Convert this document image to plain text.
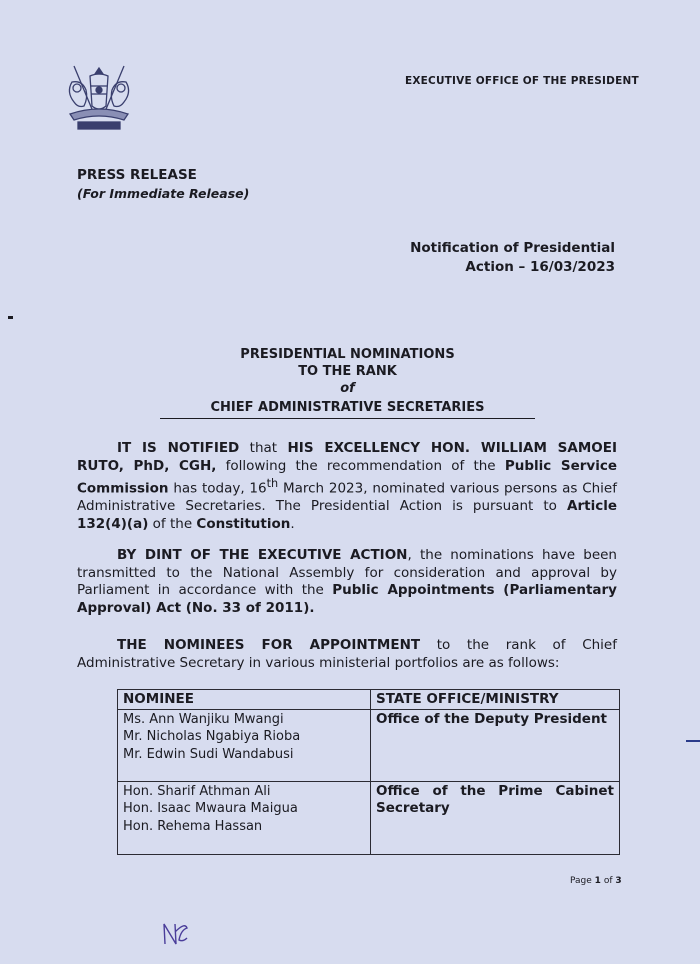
EXECUTIVE OFFICE OF THE PRESIDENT
PRESS RELEASE
(For Immediate Release)
Notification of Presidential
Action – 16/03/2023
PRESIDENTIAL NOMINATIONS
TO THE RANK
of
CHIEF ADMINISTRATIVE SECRETARIES
IT IS NOTIFIED that HIS EXCELLENCY HON. WILLIAM SAMOEI RUTO, PhD, CGH, following the recommendation of the Public Service Commission has today, 16th March 2023, nominated various persons as Chief Administrative Secretaries. The Presidential Action is pursuant to Article 132(4)(a) of the Constitution.
BY DINT OF THE EXECUTIVE ACTION, the nominations have been transmitted to the National Assembly for consideration and approval by Parliament in accordance with the Public Appointments (Parliamentary Approval) Act (No. 33 of 2011).
THE NOMINEES FOR APPOINTMENT to the rank of Chief Administrative Secretary in various ministerial portfolios are as follows:
NOMINEE	STATE OFFICE/MINISTRY

Ms. Ann Wanjiku Mwangi
Mr. Nicholas Ngabiya Rioba
Mr. Edwin Sudi Wandabusi	Office of the Deputy President

Hon. Sharif Athman Ali
Hon. Isaac Mwaura Maigua
Hon. Rehema Hassan	Office of the Prime Cabinet Secretary
Page 1 of 3
